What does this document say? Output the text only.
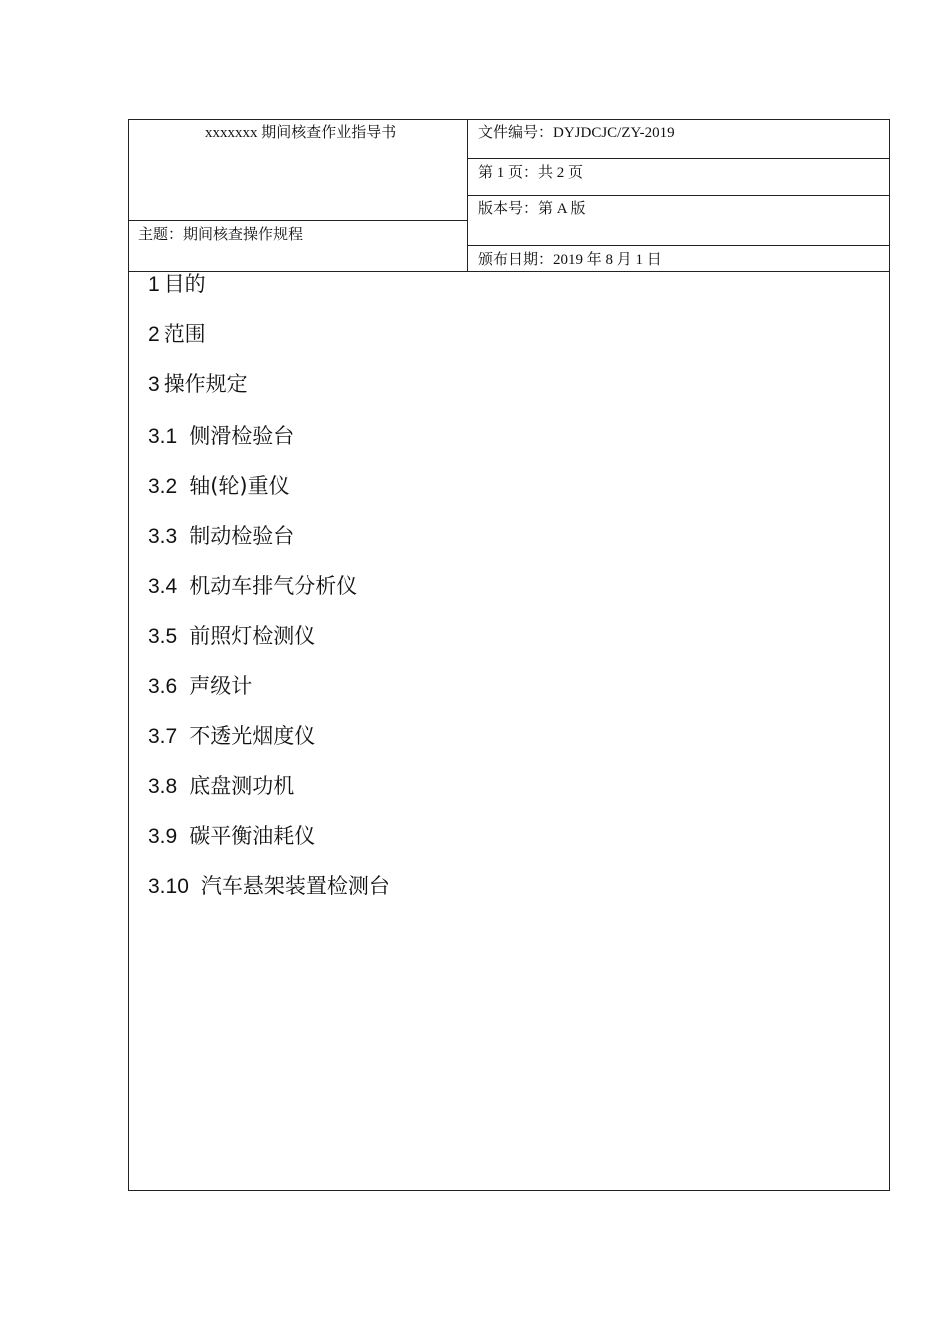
xxxxxxx 期间核查作业指导书	文件编号：DYJDCJC/ZY-2019
第 1 页：共 2 页
版本号：第 A 版
主题：期间核查操作规程
颁布日期：2019 年 8 月 1 日
1 目的
2 范围
3 操作规定
3.1 侧滑检验台
3.2 轴(轮)重仪
3.3 制动检验台
3.4 机动车排气分析仪
3.5 前照灯检测仪
3.6 声级计
3.7 不透光烟度仪
3.8 底盘测功机
3.9 碳平衡油耗仪
3.10 汽车悬架装置检测台
